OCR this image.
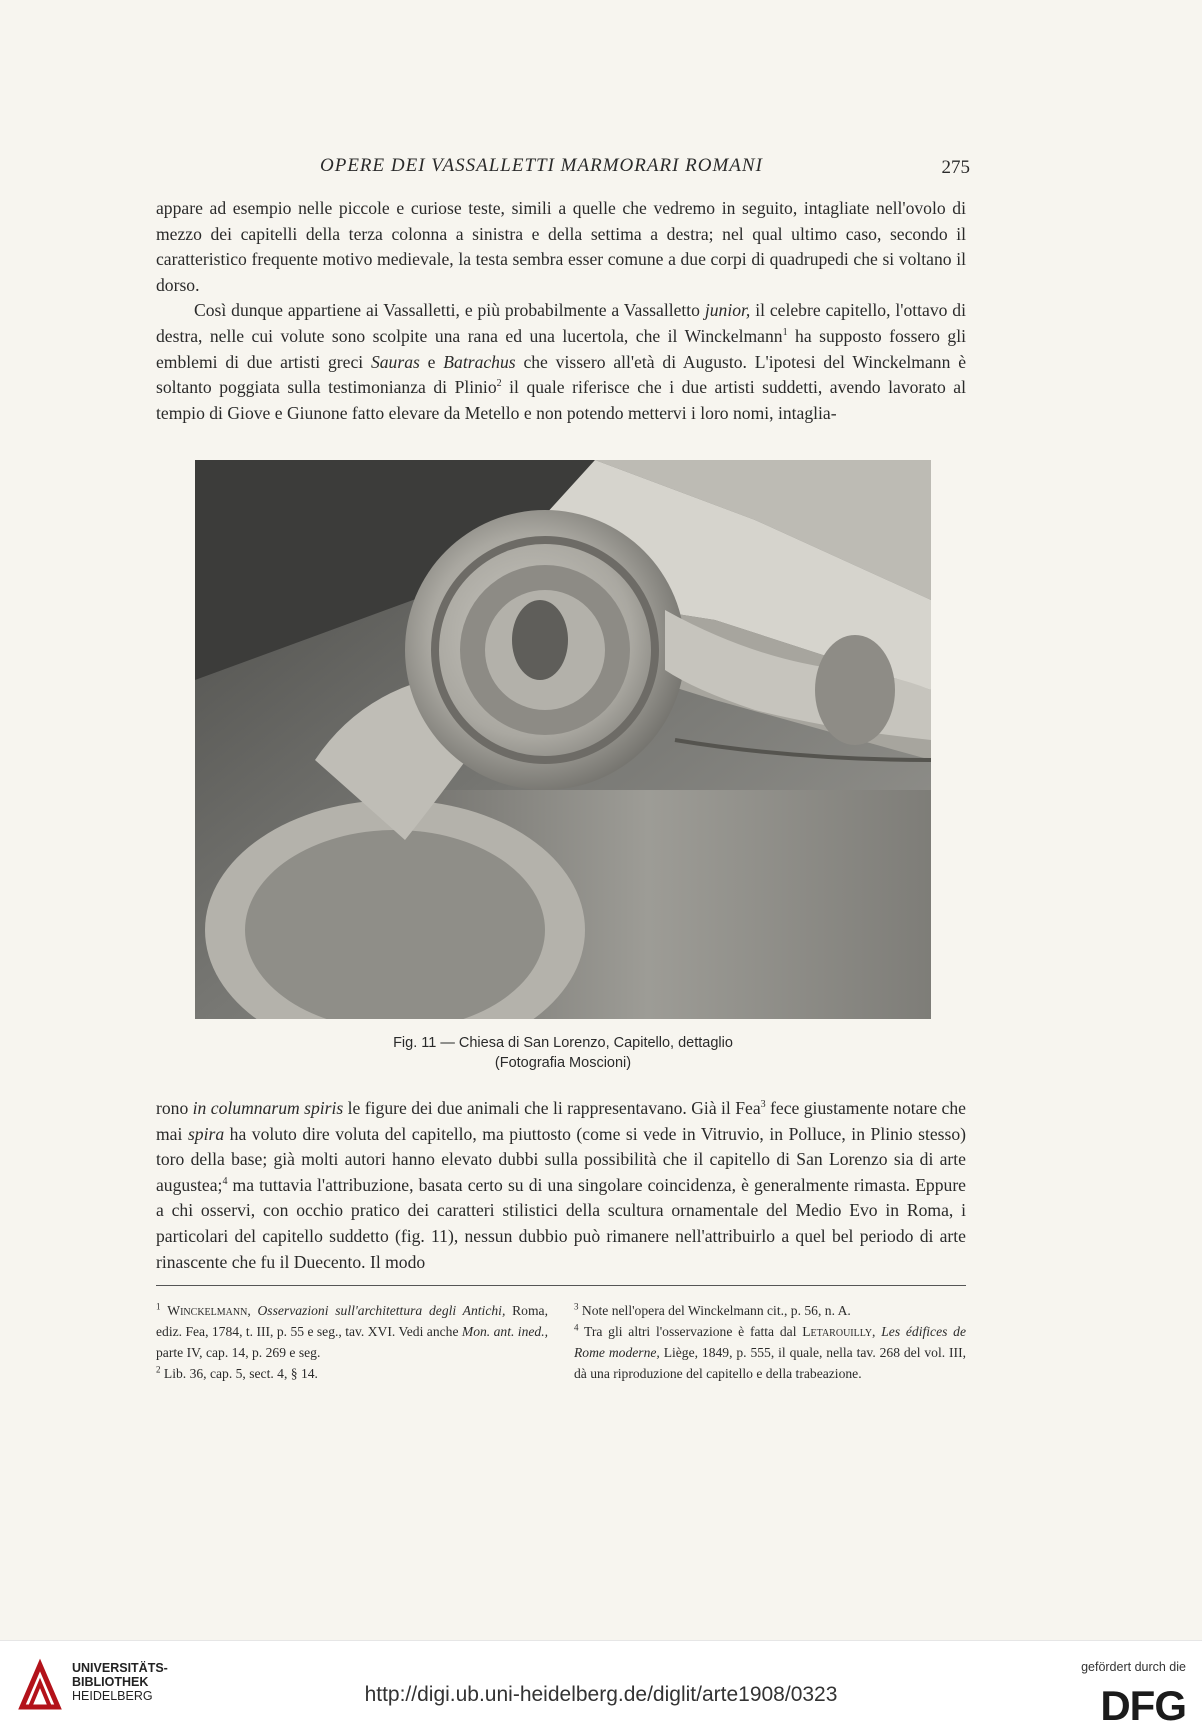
OPERE DEI VASSALLETTI MARMORARI ROMANI	275

appare ad esempio nelle piccole e curiose teste, simili a quelle che vedremo in seguito, intagliate nell'ovolo di mezzo dei capitelli della terza colonna a sinistra e della settima a destra; nel qual ultimo caso, secondo il caratteristico frequente motivo medievale, la testa sembra esser comune a due corpi di quadrupedi che si voltano il dorso.

Così dunque appartiene ai Vassalletti, e più probabilmente a Vassalletto junior, il celebre capitello, l'ottavo di destra, nelle cui volute sono scolpite una rana ed una lucertola, che il Winckelmann$^1$ ha supposto fossero gli emblemi di due artisti greci Sauras e Batrachus che vissero all'età di Augusto. L'ipotesi del Winckelmann è soltanto poggiata sulla testimonianza di Plinio$^2$ il quale riferisce che i due artisti suddetti, avendo lavorato al tempio di Giove e Giunone fatto elevare da Metello e non potendo mettervi i loro nomi, intaglia-

Fig. 11 — Chiesa di San Lorenzo, Capitello, dettaglio
(Fotografia Moscioni)

rono in columnarum spiris le figure dei due animali che li rappresentavano. Già il Fea$^3$ fece giustamente notare che mai spira ha voluto dire voluta del capitello, ma piuttosto (come si vede in Vitruvio, in Polluce, in Plinio stesso) toro della base; già molti autori hanno elevato dubbi sulla possibilità che il capitello di San Lorenzo sia di arte augustea;$^4$ ma tuttavia l'attribuzione, basata certo su di una singolare coincidenza, è generalmente rimasta. Eppure a chi osservi, con occhio pratico dei caratteri stilistici della scultura ornamentale del Medio Evo in Roma, i particolari del capitello suddetto (fig. 11), nessun dubbio può rimanere nell'attribuirlo a quel bel periodo di arte rinascente che fu il Duecento. Il modo

$^1$ Winckelmann, Osservazioni sull'architettura degli Antichi, Roma, ediz. Fea, 1784, t. III, p. 55 e seg., tav. XVI. Vedi anche Mon. ant. ined., parte IV, cap. 14, p. 269 e seg.

$^2$ Lib. 36, cap. 5, sect. 4, § 14.

$^3$ Note nell'opera del Winckelmann cit., p. 56, n. A.

$^4$ Tra gli altri l'osservazione è fatta dal Letarouilly, Les édifices de Rome moderne, Liège, 1849, p. 555, il quale, nella tav. 268 del vol. III, dà una riproduzione del capitello e della trabeazione.

UNIVERSITÄTS-
BIBLIOTHEK
HEIDELBERG	http://digi.ub.uni-heidelberg.de/diglit/arte1908/0323
gefördert durch die
DFG
